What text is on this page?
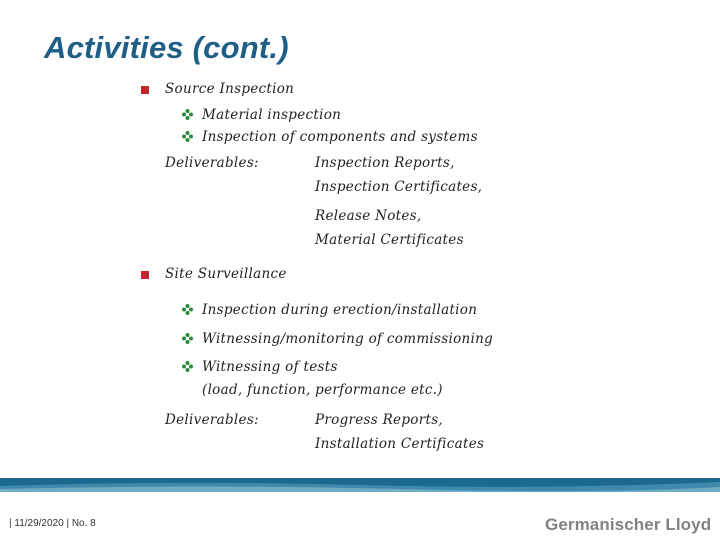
Activities (cont.)
Source Inspection
Material inspection
Inspection of components and systems
Deliverables:	Inspection Reports,
Inspection Certificates,
Release Notes,
Material Certificates
Site Surveillance
Inspection during erection/installation
Witnessing/monitoring of commissioning
Witnessing of tests
(load, function, performance etc.)
Deliverables:	Progress Reports,
Installation Certificates
| 11/29/2020 | No. 8	Germanischer Lloyd
